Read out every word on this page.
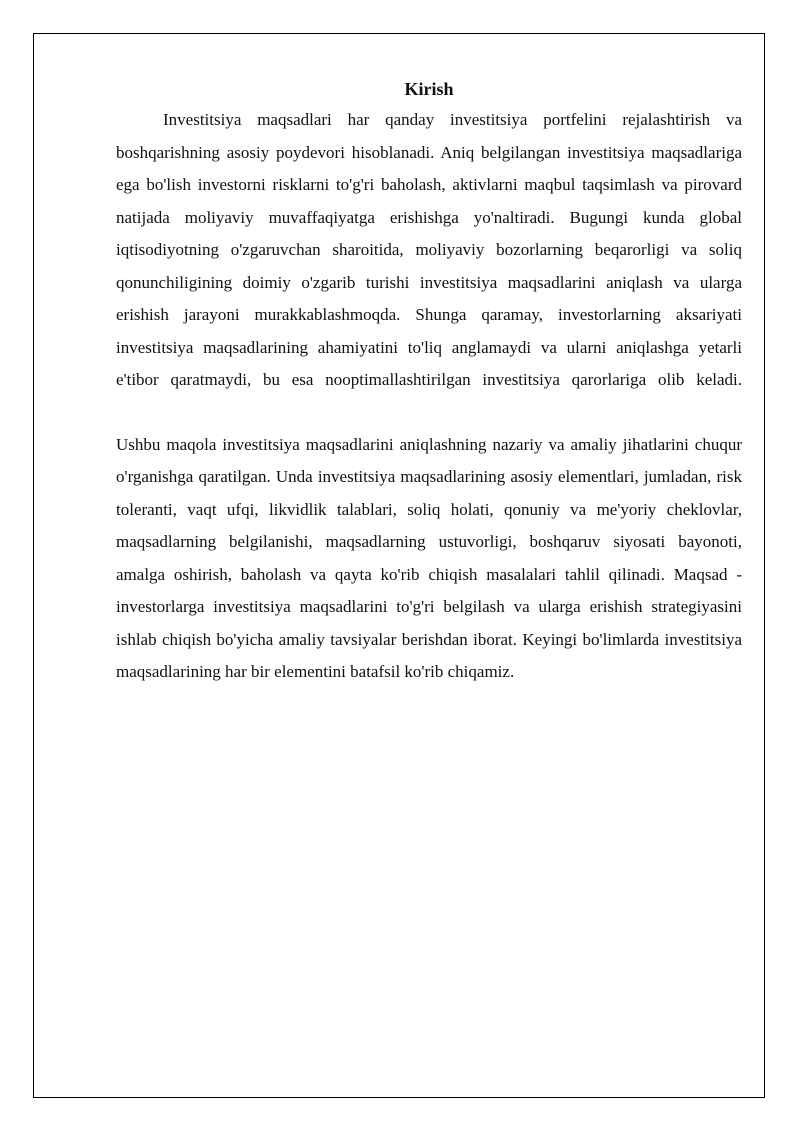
Kirish

Investitsiya maqsadlari har qanday investitsiya portfelini rejalashtirish va boshqarishning asosiy poydevori hisoblanadi. Aniq belgilangan investitsiya maqsadlariga ega bo'lish investorni risklarni to'g'ri baholash, aktivlarni maqbul taqsimlash va pirovard natijada moliyaviy muvaffaqiyatga erishishga yo'naltiradi. Bugungi kunda global iqtisodiyotning o'zgaruvchan sharoitida, moliyaviy bozorlarning beqarorligi va soliq qonunchiligining doimiy o'zgarib turishi investitsiya maqsadlarini aniqlash va ularga erishish jarayoni murakkablashmoqda. Shunga qaramay, investorlarning aksariyati investitsiya maqsadlarining ahamiyatini to'liq anglamaydi va ularni aniqlashga yetarli e'tibor qaratmaydi, bu esa nooptimallashtirilgan investitsiya qarorlariga olib keladi.

Ushbu maqola investitsiya maqsadlarini aniqlashning nazariy va amaliy jihatlarini chuqur o'rganishga qaratilgan. Unda investitsiya maqsadlarining asosiy elementlari, jumladan, risk toleranti, vaqt ufqi, likvidlik talablari, soliq holati, qonuniy va me'yoriy cheklovlar, maqsadlarning belgilanishi, maqsadlarning ustuvorligi, boshqaruv siyosati bayonoti, amalga oshirish, baholash va qayta ko'rib chiqish masalalari tahlil qilinadi. Maqsad - investorlarga investitsiya maqsadlarini to'g'ri belgilash va ularga erishish strategiyasini ishlab chiqish bo'yicha amaliy tavsiyalar berishdan iborat. Keyingi bo'limlarda investitsiya maqsadlarining har bir elementini batafsil ko'rib chiqamiz.
